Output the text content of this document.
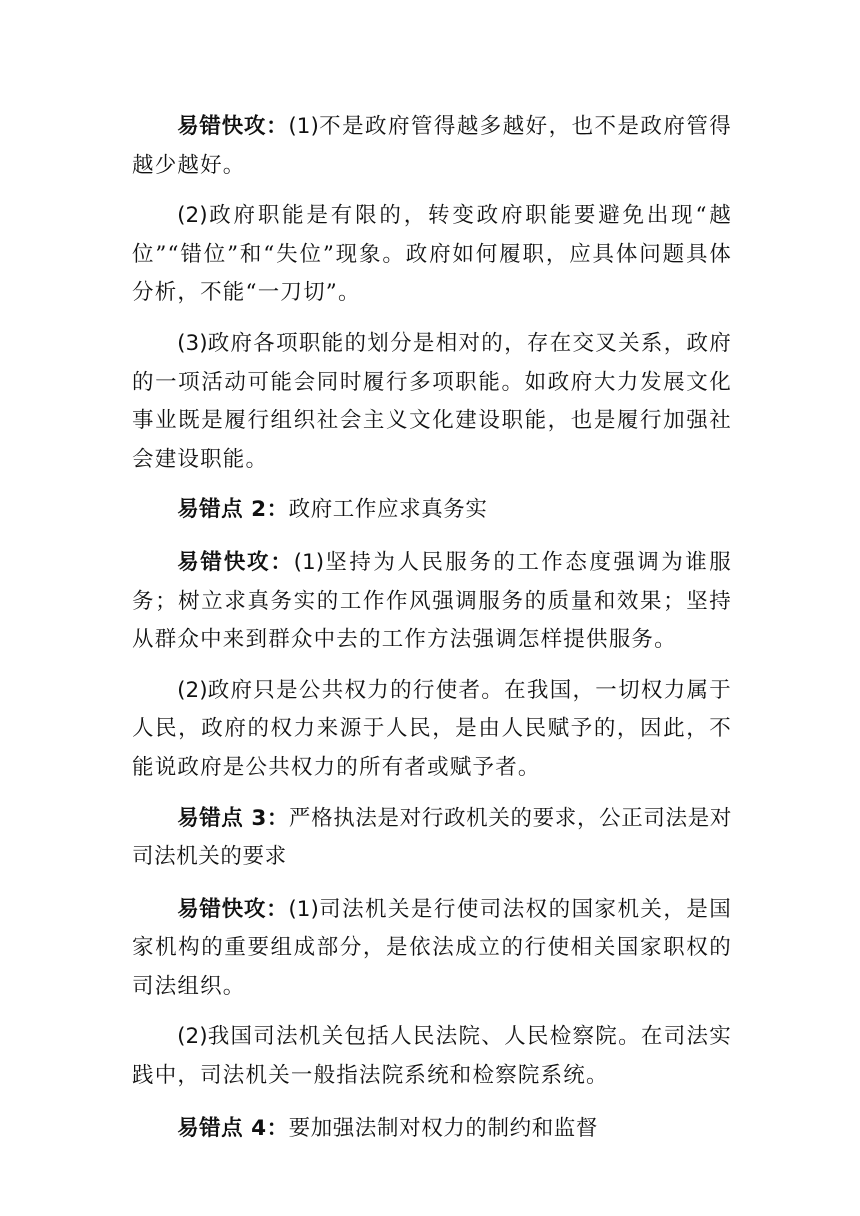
易错快攻：(1)不是政府管得越多越好，也不是政府管得越少越好。

(2)政府职能是有限的，转变政府职能要避免出现“越位”“错位”和“失位”现象。政府如何履职，应具体问题具体分析，不能“一刀切”。

(3)政府各项职能的划分是相对的，存在交叉关系，政府的一项活动可能会同时履行多项职能。如政府大力发展文化事业既是履行组织社会主义文化建设职能，也是履行加强社会建设职能。

易错点 2：政府工作应求真务实

易错快攻：(1)坚持为人民服务的工作态度强调为谁服务；树立求真务实的工作作风强调服务的质量和效果；坚持从群众中来到群众中去的工作方法强调怎样提供服务。

(2)政府只是公共权力的行使者。在我国，一切权力属于人民，政府的权力来源于人民，是由人民赋予的，因此，不能说政府是公共权力的所有者或赋予者。

易错点 3：严格执法是对行政机关的要求，公正司法是对司法机关的要求

易错快攻：(1)司法机关是行使司法权的国家机关，是国家机构的重要组成部分，是依法成立的行使相关国家职权的司法组织。

(2)我国司法机关包括人民法院、人民检察院。在司法实践中，司法机关一般指法院系统和检察院系统。

易错点 4：要加强法制对权力的制约和监督
